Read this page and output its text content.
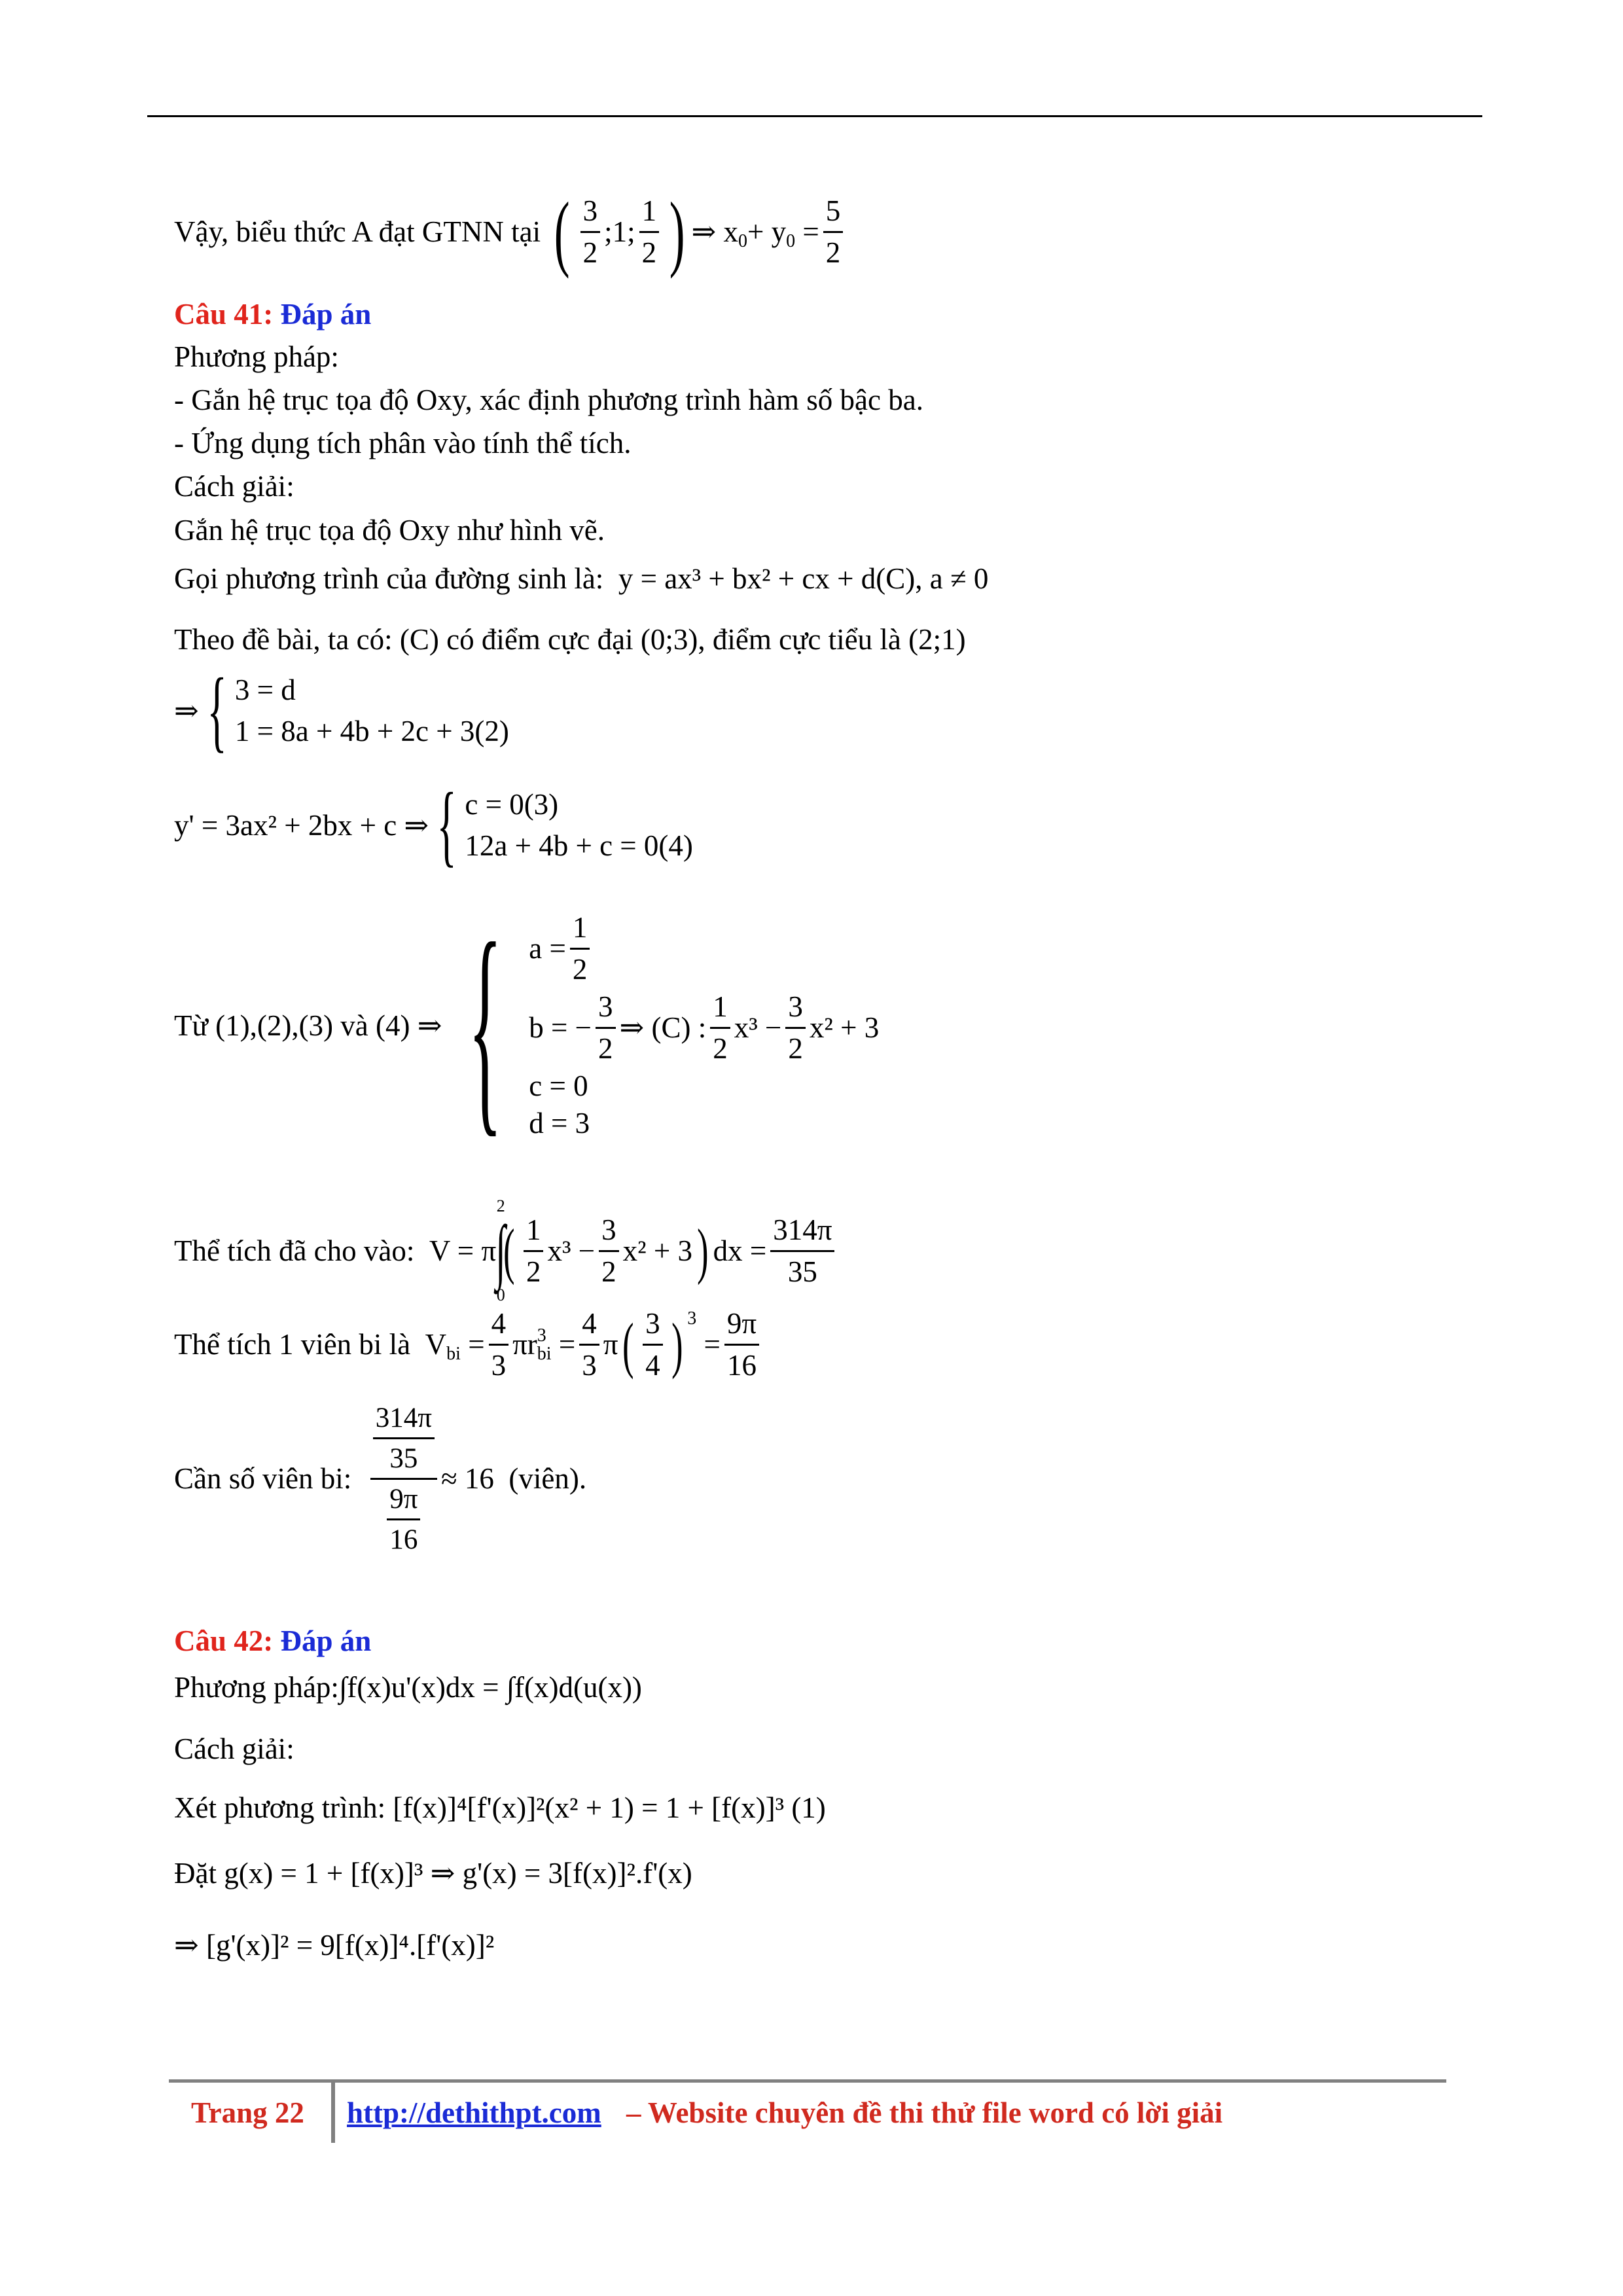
Vậy, biểu thức A đạt GTNN tại
( $\frac{3}{2}$ ;1; $\frac{1}{2}$ ) ⇒
x 0 + y 0
= $\frac{5}{2}$
Câu 41:
Đáp án
Phương pháp:
- Gắn hệ trục tọa độ Oxy, xác định phương trình hàm số bậc ba.
- Ứng dụng tích phân vào tính thể tích.
Cách giải:
Gắn hệ trục tọa độ Oxy như hình vẽ.
Gọi phương trình của đường sinh là:
y = ax³ + bx² + cx + d(C), a ≠ 0
Theo đề bài, ta có: (C) có điểm cực đại
(0;3) , điểm cực tiểu là
(2;1)
⇒ { 3 = d
1 = 8a + 4b + 2c + 3(2)
y' = 3ax² + 2bx + c ⇒ { c = 0(3)
12a + 4b + c = 0(4)
Từ (1),(2),(3) và (4) ⇒ { $a = \frac{1}{2}$
b = − $\frac{3}{2}$ ⇒ (C) : $\frac{1}{2} x^3 - \frac{3}{2} x^2 + 3$
c = 0
d = 3
Thể tích đã cho vào:
V = π
2
∫
0
( $\frac{1}{2} x^3 - \frac{3}{2} x^2 + 3$ ) dx = $\frac{314\pi}{35}$
Thể tích 1 viên bi là
V bi = $\frac{4}{3}$ πr 3
bi = $\frac{4}{3}$ π ( $\frac{3}{4}$ ) 3
= $\frac{9\pi}{16}$
Cần số viên bi:
$\frac{\frac{314\pi}{35}}{\frac{9\pi}{16}} \approx 16$  (viên).
Câu 42:
Đáp án
Phương pháp: ∫f(x)u'(x)dx = ∫f(x)d(u(x))
Cách giải:
Xét phương trình:
[f(x)]⁴[f'(x)]²(x² + 1) = 1 + [f(x)]³ (1)
Đặt
g(x) = 1 + [f(x)]³ ⇒ g'(x) = 3[f(x)]².f'(x)
⇒ [g'(x)]² = 9[f(x)]⁴.[f'(x)]²
Trang 22 http://dethithpt.com – Website chuyên đề thi thử file word có lời giải
